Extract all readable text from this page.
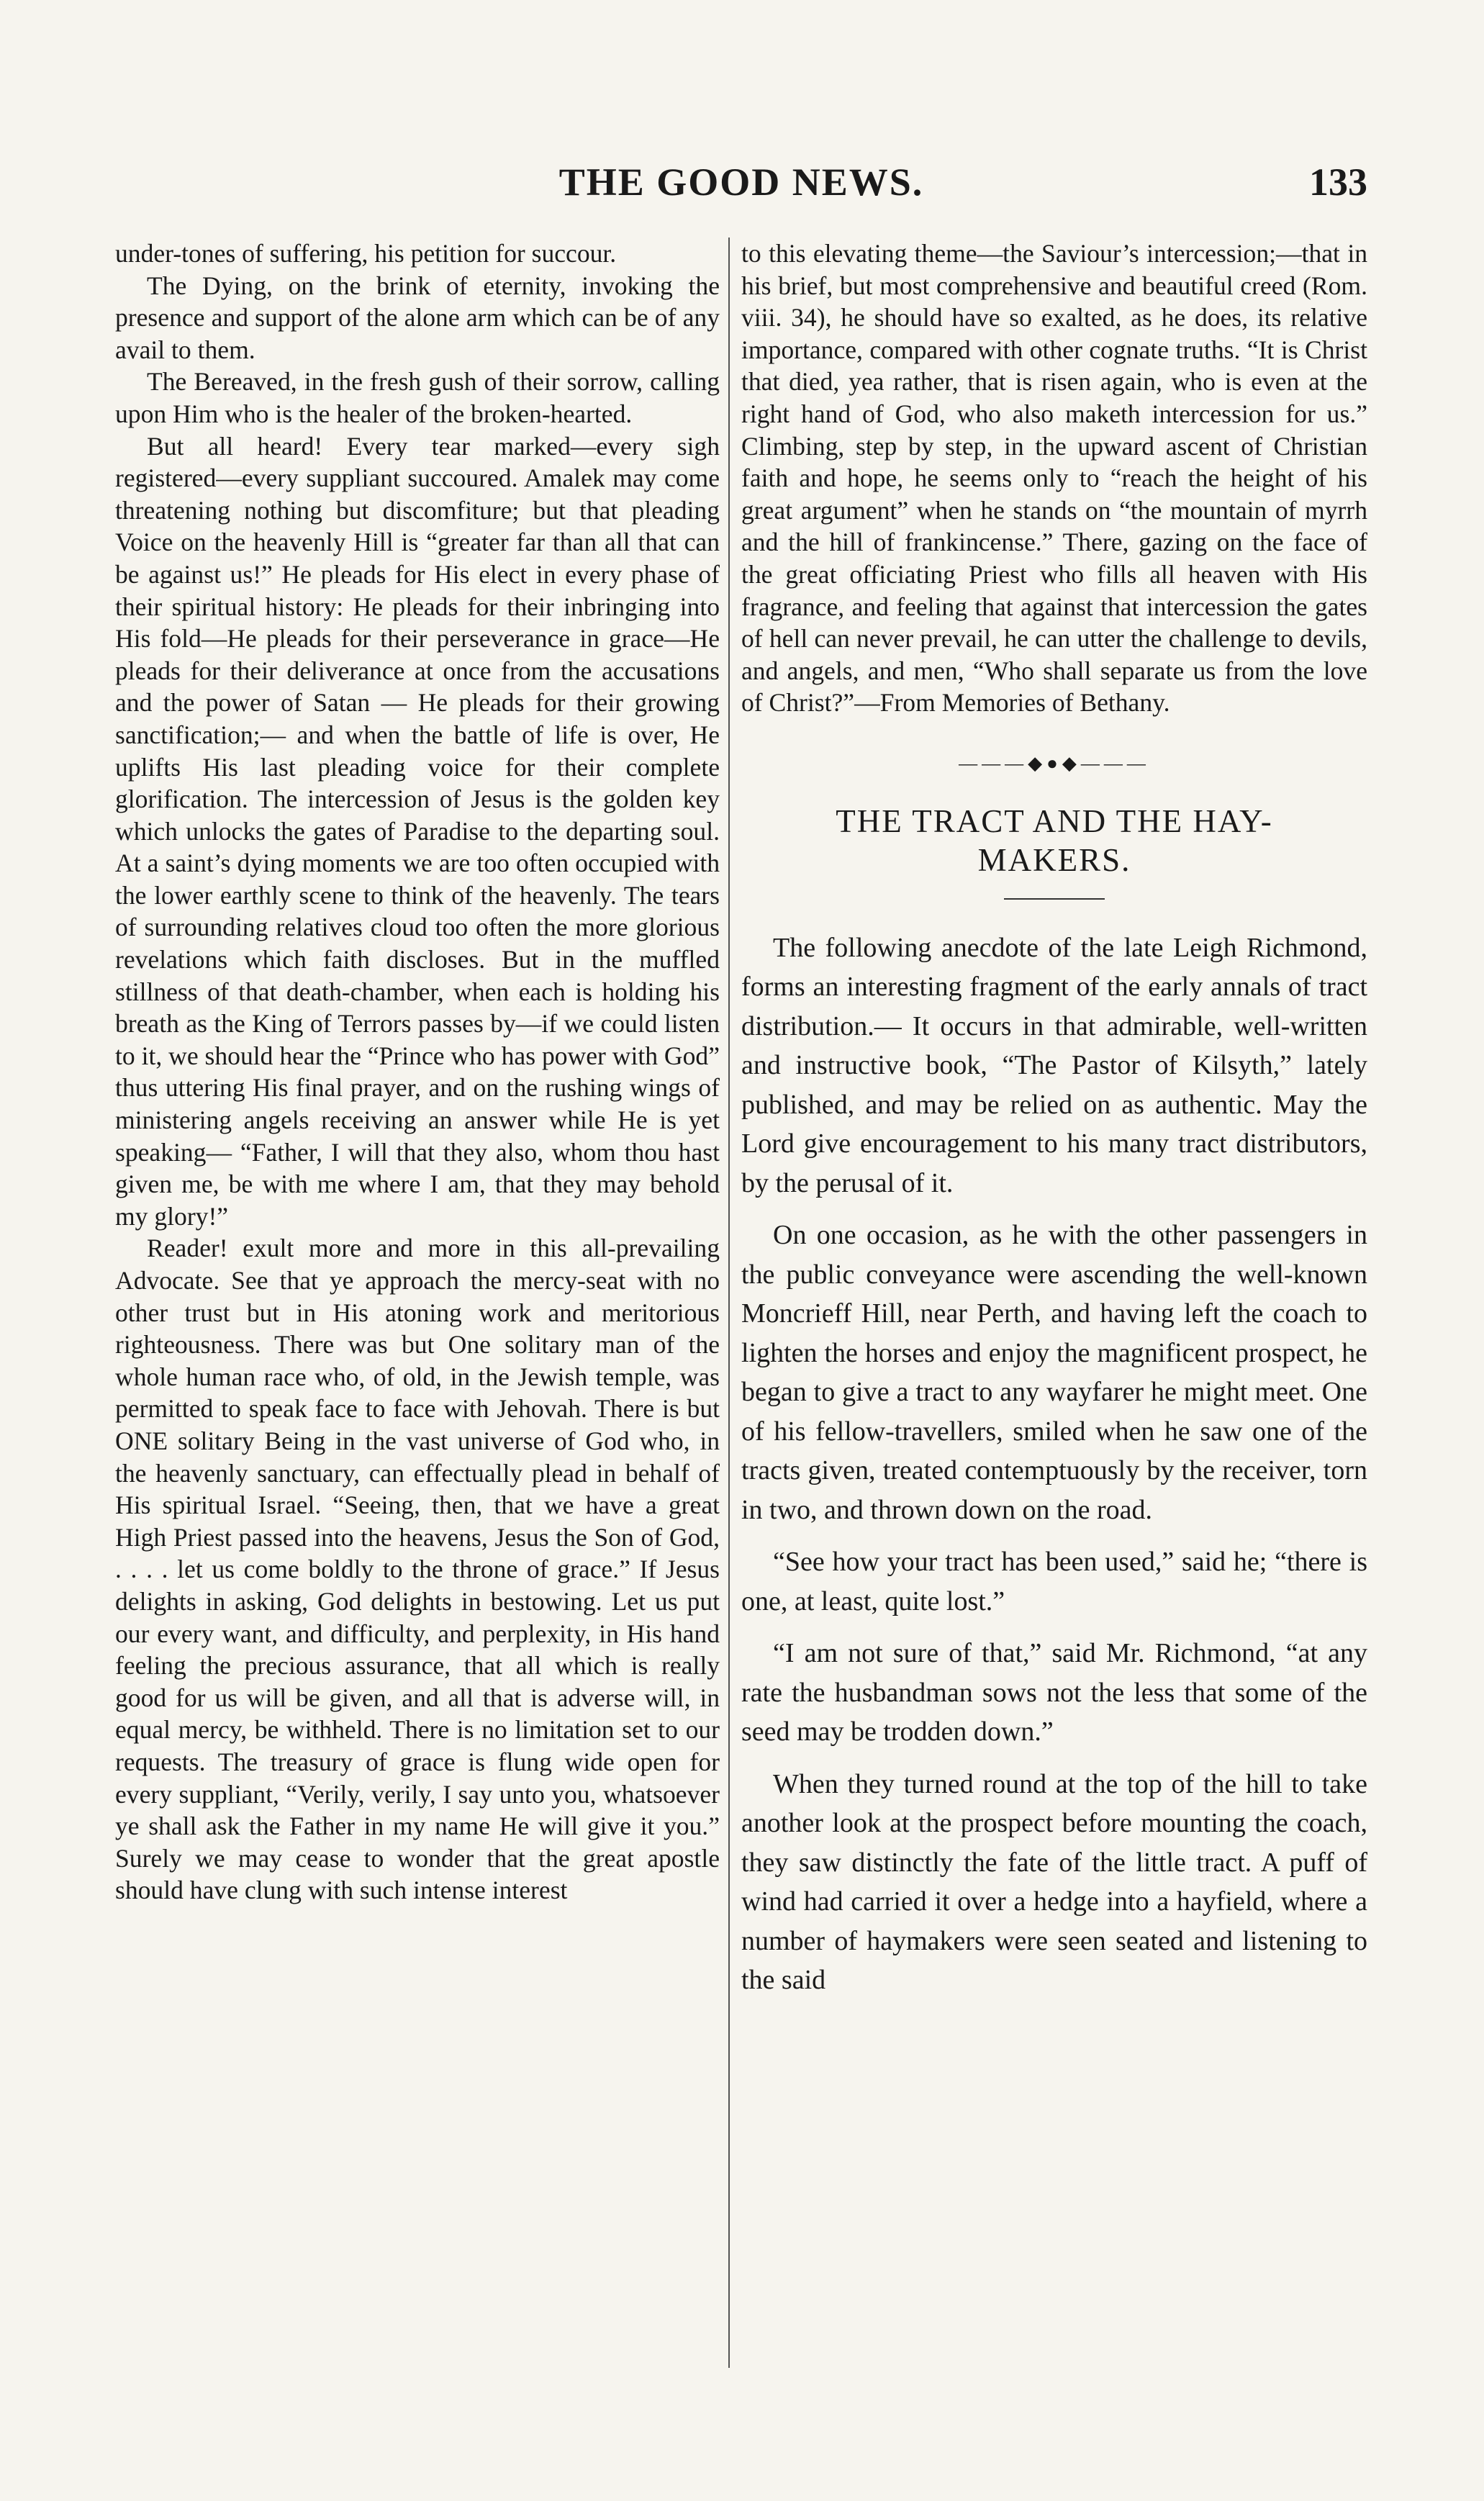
THE GOOD NEWS.	133

under-tones of suffering, his petition for succour.

The Dying, on the brink of eternity, invoking the presence and support of the alone arm which can be of any avail to them.

The Bereaved, in the fresh gush of their sorrow, calling upon Him who is the healer of the broken-hearted.

But all heard! Every tear marked—every sigh registered—every suppliant succoured. Amalek may come threatening nothing but discomfiture; but that pleading Voice on the heavenly Hill is “greater far than all that can be against us!” He pleads for His elect in every phase of their spiritual history: He pleads for their inbringing into His fold—He pleads for their perseverance in grace—He pleads for their deliverance at once from the accusations and the power of Satan — He pleads for their growing sanctification;— and when the battle of life is over, He uplifts His last pleading voice for their complete glorification. The intercession of Jesus is the golden key which unlocks the gates of Paradise to the departing soul. At a saint’s dying moments we are too often occupied with the lower earthly scene to think of the heavenly. The tears of surrounding relatives cloud too often the more glorious revelations which faith discloses. But in the muffled stillness of that death-chamber, when each is holding his breath as the King of Terrors passes by—if we could listen to it, we should hear the “Prince who has power with God” thus uttering His final prayer, and on the rushing wings of ministering angels receiving an answer while He is yet speaking— “Father, I will that they also, whom thou hast given me, be with me where I am, that they may behold my glory!”

Reader! exult more and more in this all-prevailing Advocate. See that ye approach the mercy-seat with no other trust but in His atoning work and meritorious righteousness. There was but One solitary man of the whole human race who, of old, in the Jewish temple, was permitted to speak face to face with Jehovah. There is but ONE solitary Being in the vast universe of God who, in the heavenly sanctuary, can effectually plead in behalf of His spiritual Israel. “Seeing, then, that we have a great High Priest passed into the heavens, Jesus the Son of God, . . . . let us come boldly to the throne of grace.” If Jesus delights in asking, God delights in bestowing. Let us put our every want, and difficulty, and perplexity, in His hand feeling the precious assurance, that all which is really good for us will be given, and all that is adverse will, in equal mercy, be withheld. There is no limitation set to our requests. The treasury of grace is flung wide open for every suppliant, “Verily, verily, I say unto you, whatsoever ye shall ask the Father in my name He will give it you.” Surely we may cease to wonder that the great apostle should have clung with such intense interest

to this elevating theme—the Saviour’s intercession;—that in his brief, but most comprehensive and beautiful creed (Rom. viii. 34), he should have so exalted, as he does, its relative importance, compared with other cognate truths. “It is Christ that died, yea rather, that is risen again, who is even at the right hand of God, who also maketh intercession for us.” Climbing, step by step, in the upward ascent of Christian faith and hope, he seems only to “reach the height of his great argument” when he stands on “the mountain of myrrh and the hill of frankincense.” There, gazing on the face of the great officiating Priest who fills all heaven with His fragrance, and feeling that against that intercession the gates of hell can never prevail, he can utter the challenge to devils, and angels, and men, “Who shall separate us from the love of Christ?”—From Memories of Bethany.

———◆●◆———
THE TRACT AND THE HAY-MAKERS.

The following anecdote of the late Leigh Richmond, forms an interesting fragment of the early annals of tract distribution.— It occurs in that admirable, well-written and instructive book, “The Pastor of Kilsyth,” lately published, and may be relied on as authentic. May the Lord give encouragement to his many tract distributors, by the perusal of it.

On one occasion, as he with the other passengers in the public conveyance were ascending the well-known Moncrieff Hill, near Perth, and having left the coach to lighten the horses and enjoy the magnificent prospect, he began to give a tract to any wayfarer he might meet. One of his fellow-travellers, smiled when he saw one of the tracts given, treated contemptuously by the receiver, torn in two, and thrown down on the road.

“See how your tract has been used,” said he; “there is one, at least, quite lost.”

“I am not sure of that,” said Mr. Richmond, “at any rate the husbandman sows not the less that some of the seed may be trodden down.”

When they turned round at the top of the hill to take another look at the prospect before mounting the coach, they saw distinctly the fate of the little tract. A puff of wind had carried it over a hedge into a hayfield, where a number of haymakers were seen seated and listening to the said
